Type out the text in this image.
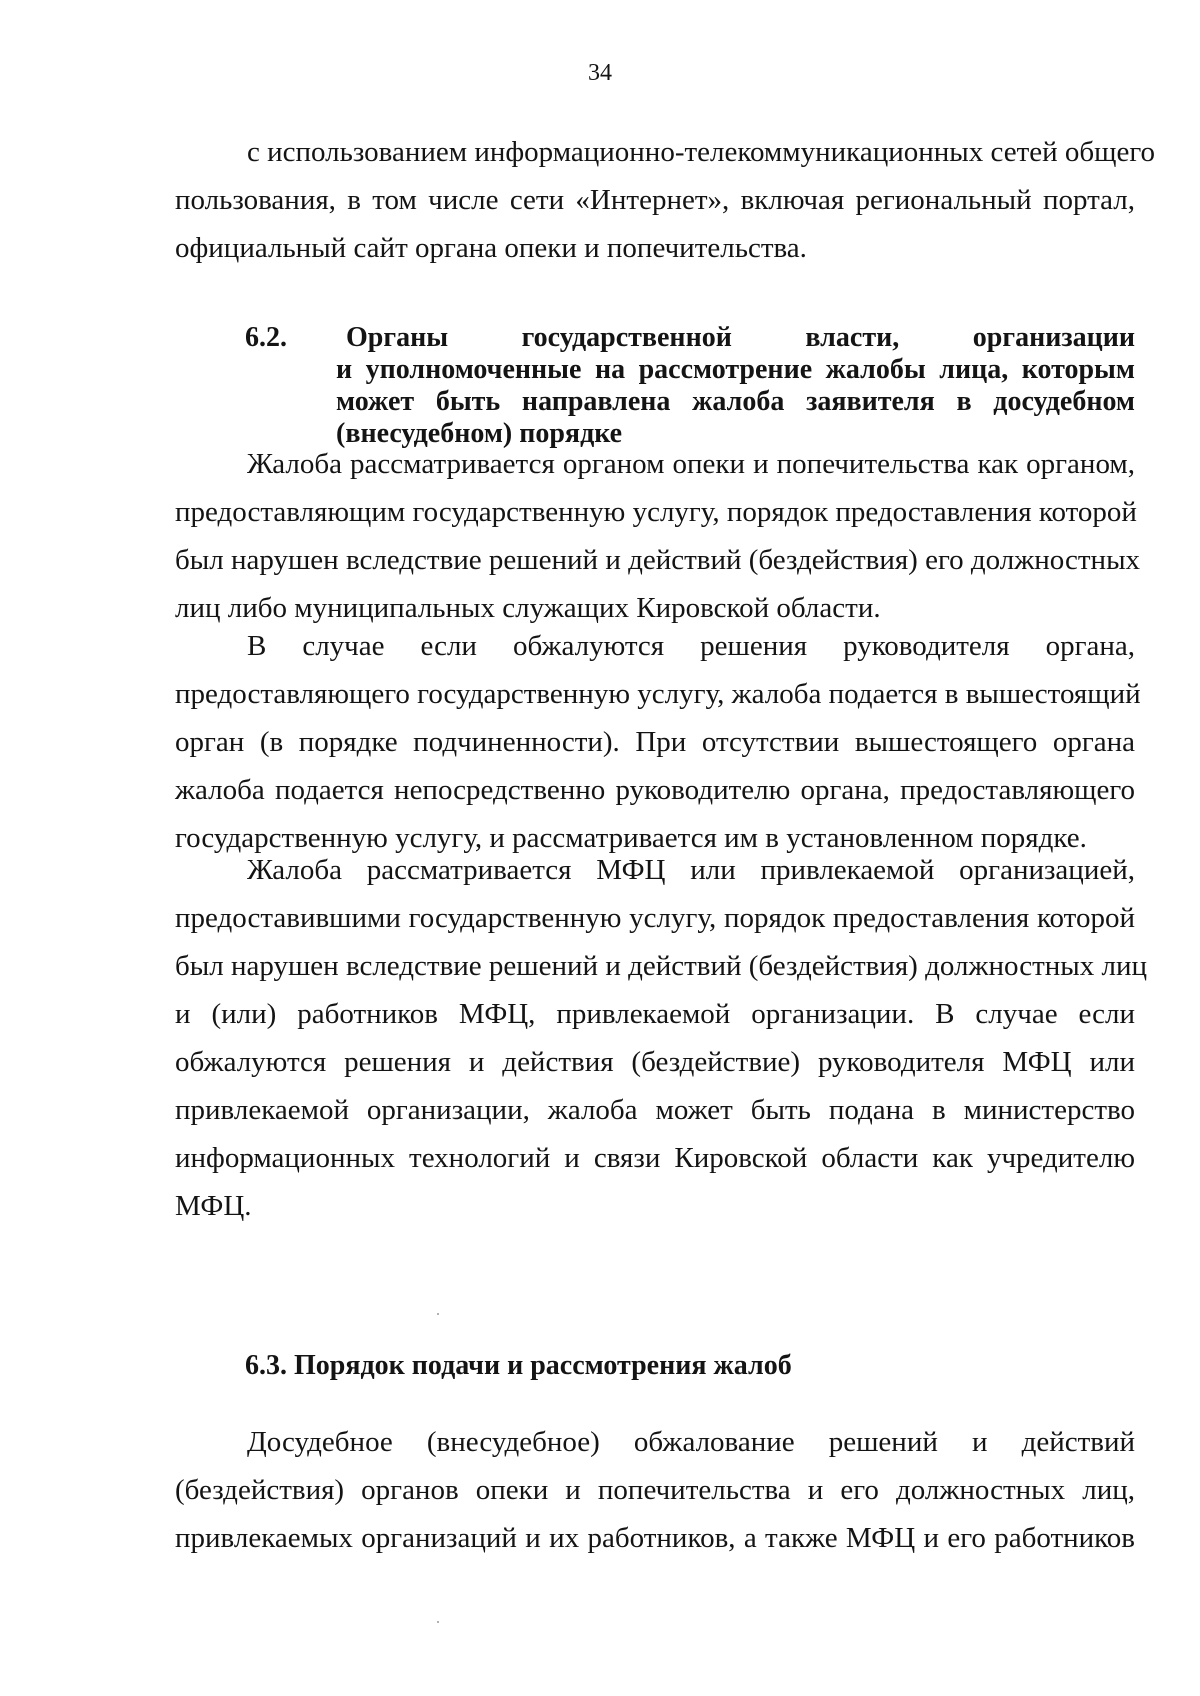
34
с использованием информационно-телекоммуникационных сетей общего
пользования, в том числе сети «Интернет», включая региональный портал,
официальный сайт органа опеки и попечительства.
6.2. Органы государственной власти, организации
и уполномоченные на рассмотрение жалобы лица, которым
может быть направлена жалоба заявителя в досудебном
(внесудебном) порядке
Жалоба рассматривается органом опеки и попечительства как органом,
предоставляющим государственную услугу, порядок предоставления которой
был нарушен вследствие решений и действий (бездействия) его должностных
лиц либо муниципальных служащих Кировской области.
В случае если обжалуются решения руководителя органа,
предоставляющего государственную услугу, жалоба подается в вышестоящий
орган (в порядке подчиненности). При отсутствии вышестоящего органа
жалоба подается непосредственно руководителю органа, предоставляющего
государственную услугу, и рассматривается им в установленном порядке.
Жалоба рассматривается МФЦ или привлекаемой организацией,
предоставившими государственную услугу, порядок предоставления которой
был нарушен вследствие решений и действий (бездействия) должностных лиц
и (или) работников МФЦ, привлекаемой организации. В случае если
обжалуются решения и действия (бездействие) руководителя МФЦ или
привлекаемой организации, жалоба может быть подана в министерство
информационных технологий и связи Кировской области как учредителю
МФЦ.
6.3. Порядок подачи и рассмотрения жалоб
Досудебное (внесудебное) обжалование решений и действий
(бездействия) органов опеки и попечительства и его должностных лиц,
привлекаемых организаций и их работников, а также МФЦ и его работников
